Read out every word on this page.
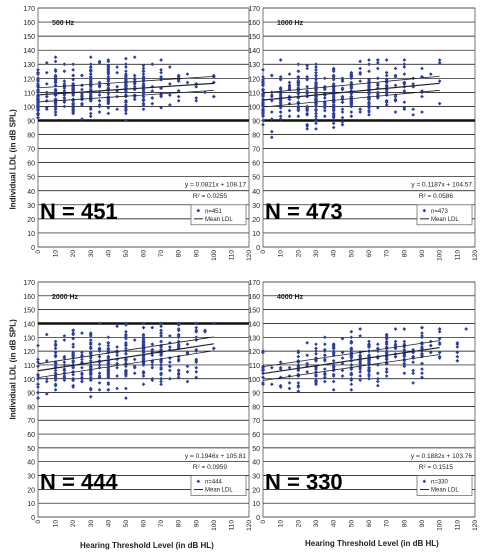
0
10
20
30
40
50
60
70
80
90
100
110
120
130
140
150
160
170
0 10 20 30 40 50 60 70 80 90 100 110 120
500 Hz
N = 451
y = 0.0821x + 108.17
R² = 0.0255
n=451
Mean LDL
0
10
20
30
40
50
60
70
80
90
100
110
120
130
140
150
160
170
0 10 20 30 40 50 60 70 80 90 100 110 120
1000 Hz
N = 473
y = 0.1187x + 104.57
R² = 0.0586
n=473
Mean LDL
0
10
20
30
40
50
60
70
80
90
100
110
120
130
140
150
160
170
0 10 20 30 40 50 60 70 80 90 100 110 120
2000 Hz
N = 444
y = 0.1946x + 105.81
R² = 0.0959
n=444
Mean LDL
0
10
20
30
40
50
60
70
80
90
100
110
120
130
140
150
160
170
0 10 20 30 40 50 60 70 80 90 100 110 120
4000 Hz
N = 330
y = 0.1882x + 103.76
R² = 0.1515
n=330
Mean LDL
Individual LDL (in dB SPL)
Individual LDL (in dB SPL)
Hearing Threshold Level (in dB HL)	Hearing Threshold Level (in dB HL)
